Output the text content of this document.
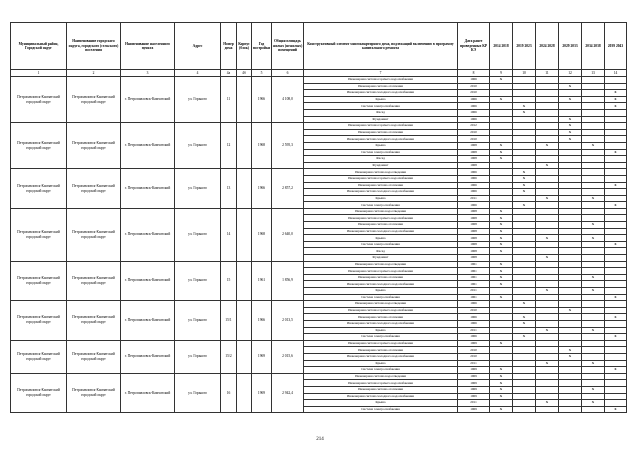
Муниципальный район, Городской округ	Наименование городского округа, городского (сельского) поселения	Наименование населенного пункта	Адрес	Номер дома	Корпус (блок)	Год постройки	Общая площадь жилых (нежилых) помещений	Конструктивный элемент многоквартирного дома, подлежащий включению в программу капитального ремонта	Дата ранее проведенных КР КЭ	2014 2018	2019 2023	2024 2028	2029 2033	2034 2038	2039 2043
1	2	3	4	4а	4б	5	6	7	8	9	10	11	12	13	14
Петропавловск-Камчатский городской округ	Петропавловск-Камчатский городской округ	г. Петропавловск-Камчатский	ул. Горького	11		1966	4 108,0	Инженерная система горячего водоснабжения	1966	X					
								Инженерная система отопления	2010				X		
								Инженерная система холодного водоснабжения	2010						X
								Крыша	1966	X			X		X
								Система электроснабжения	1966		X				X
								Фасад	1966		X				
								Фундамент	1966				X		
Петропавловск-Камчатский городской округ	Петропавловск-Камчатский городской округ	г. Петропавловск-Камчатский	ул. Горького	12		1968	2 595,3	Инженерная система горячего водоснабжения	2012				X		
								Инженерная система отопления	2010				X		
								Инженерная система холодного водоснабжения	2010				X		
								Крыша	1968	X		X		X	
								Система электроснабжения	1968	X					X
								Фасад	1968	X					
								Фундамент	1968			X			
Петропавловск-Камчатский городской округ	Петропавловск-Камчатский городской округ	г. Петропавловск-Камчатский	ул. Горького	13		1966	2 857,2	Инженерная система водоотведения	1966		X				
								Инженерная система горячего водоснабжения	1966		X				
								Инженерная система отопления	1966		X				X
								Инженерная система холодного водоснабжения	1966		X				
								Крыша	2011			X		X	
								Система электроснабжения	1966		X				X
Петропавловск-Камчатский городской округ	Петропавловск-Камчатский городской округ	г. Петропавловск-Камчатский	ул. Горького	14		1968	2 640,0	Инженерная система водоотведения	1968	X					
								Инженерная система горячего водоснабжения	1968	X					
								Инженерная система отопления	1968	X				X	
								Инженерная система холодного водоснабжения	1968	X					
								Крыша	1968	X		X		X	
								Система электроснабжения	1968	X					X
								Фасад	1968	X					
								Фундамент	1968			X			
Петропавловск-Камчатский городской округ	Петропавловск-Камчатский городской округ	г. Петропавловск-Камчатский	ул. Горького	15		1961	1 856,9	Инженерная система водоотведения	1961	X					
								Инженерная система горячего водоснабжения	1961	X					
								Инженерная система отопления	1961	X				X	
								Инженерная система холодного водоснабжения	1961	X					
								Крыша	2011			X		X	
								Система электроснабжения	1961	X					X
Петропавловск-Камчатский городской округ	Петропавловск-Камчатский городской округ	г. Петропавловск-Камчатский	ул. Горького	15/1		1966	2 013,5	Инженерная система водоотведения	1966		X				
								Инженерная система горячего водоснабжения	2010				X		
								Инженерная система отопления	1966		X				X
								Инженерная система холодного водоснабжения	1966		X				
								Крыша	2011			X		X	
								Система электроснабжения	1966		X				X
Петропавловск-Камчатский городской округ	Петропавловск-Камчатский городской округ	г. Петропавловск-Камчатский	ул. Горького	15/2		1969	2 015,6	Инженерная система горячего водоснабжения	1969	X					
								Инженерная система отопления	2010				X		
								Инженерная система холодного водоснабжения	2010				X		
								Крыша	2011			X		X	
								Система электроснабжения	1969	X					X
Петропавловск-Камчатский городской округ	Петропавловск-Камчатский городской округ	г. Петропавловск-Камчатский	ул. Горького	16		1969	2 942,4	Инженерная система водоотведения	1969	X					
								Инженерная система горячего водоснабжения	1969	X					
								Инженерная система отопления	1969	X				X	
								Инженерная система холодного водоснабжения	1969	X					
								Крыша	2011			X		X	
								Система электроснабжения	1969	X					X
214
